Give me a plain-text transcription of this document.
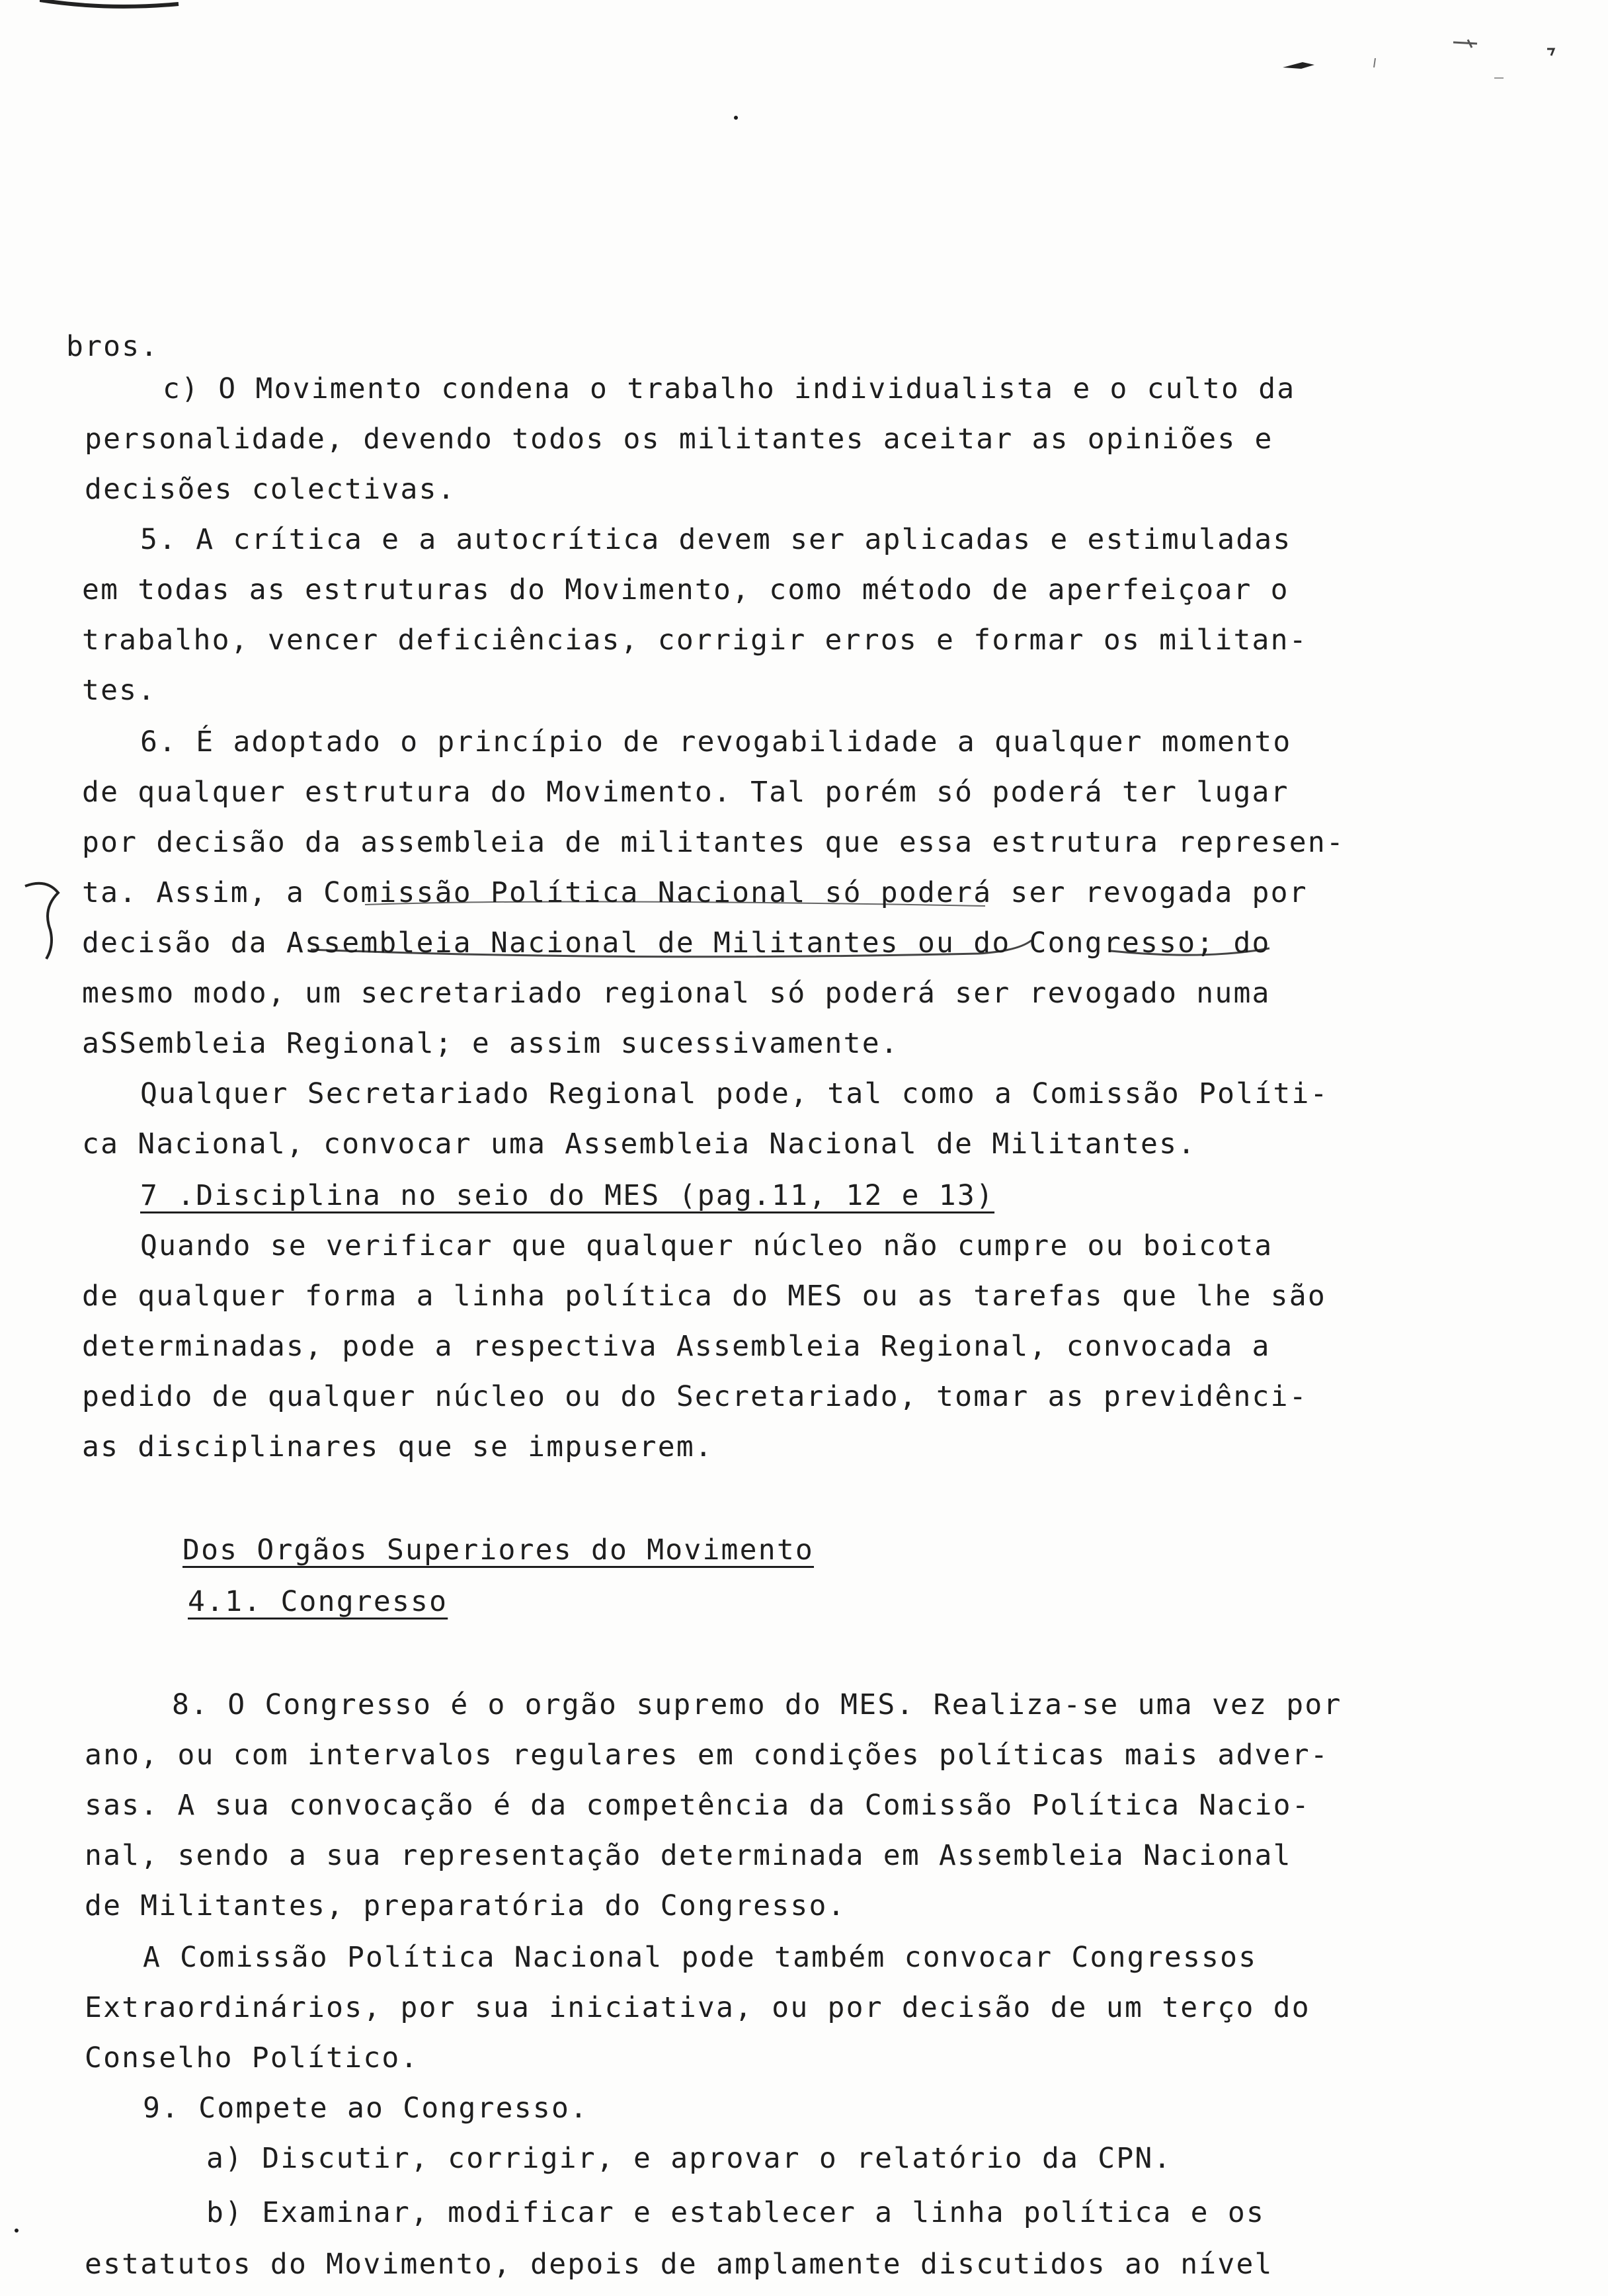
bros.
c) O Movimento condena o trabalho individualista e o culto da
personalidade, devendo todos os militantes aceitar as opiniões e
decisões colectivas.
5. A crítica e a autocrítica devem ser aplicadas e estimuladas
em todas as estruturas do Movimento, como método de aperfeiçoar o
trabalho, vencer deficiências, corrigir erros e formar os militan-
tes.
6. É adoptado o princípio de revogabilidade a qualquer momento
de qualquer estrutura do Movimento. Tal porém só poderá ter lugar
por decisão da assembleia de militantes que essa estrutura represen-
ta. Assim, a Comissão Política Nacional só poderá ser revogada por
decisão da Assembleia Nacional de Militantes ou do Congresso; do
mesmo modo, um secretariado regional só poderá ser revogado numa
aSSembleia Regional; e assim sucessivamente.
Qualquer Secretariado Regional pode, tal como a Comissão Políti-
ca Nacional, convocar uma Assembleia Nacional de Militantes.
7 .Disciplina no seio do MES (pag.11, 12 e 13)
Quando se verificar que qualquer núcleo não cumpre ou boicota
de qualquer forma a linha política do MES ou as tarefas que lhe são
determinadas, pode a respectiva Assembleia Regional, convocada a
pedido de qualquer núcleo ou do Secretariado, tomar as previdênci-
as disciplinares que se impuserem.
Dos Orgãos Superiores do Movimento
4.1. Congresso
8. O Congresso é o orgão supremo do MES. Realiza-se uma vez por
ano, ou com intervalos regulares em condições políticas mais adver-
sas. A sua convocação é da competência da Comissão Política Nacio-
nal, sendo a sua representação determinada em Assembleia Nacional
de Militantes, preparatória do Congresso.
A Comissão Política Nacional pode também convocar Congressos
Extraordinários, por sua iniciativa, ou por decisão de um terço do
Conselho Político.
9. Compete ao Congresso.
a) Discutir, corrigir, e aprovar o relatório da CPN.
b) Examinar, modificar e establecer a linha política e os
estatutos do Movimento, depois de amplamente discutidos ao nível
